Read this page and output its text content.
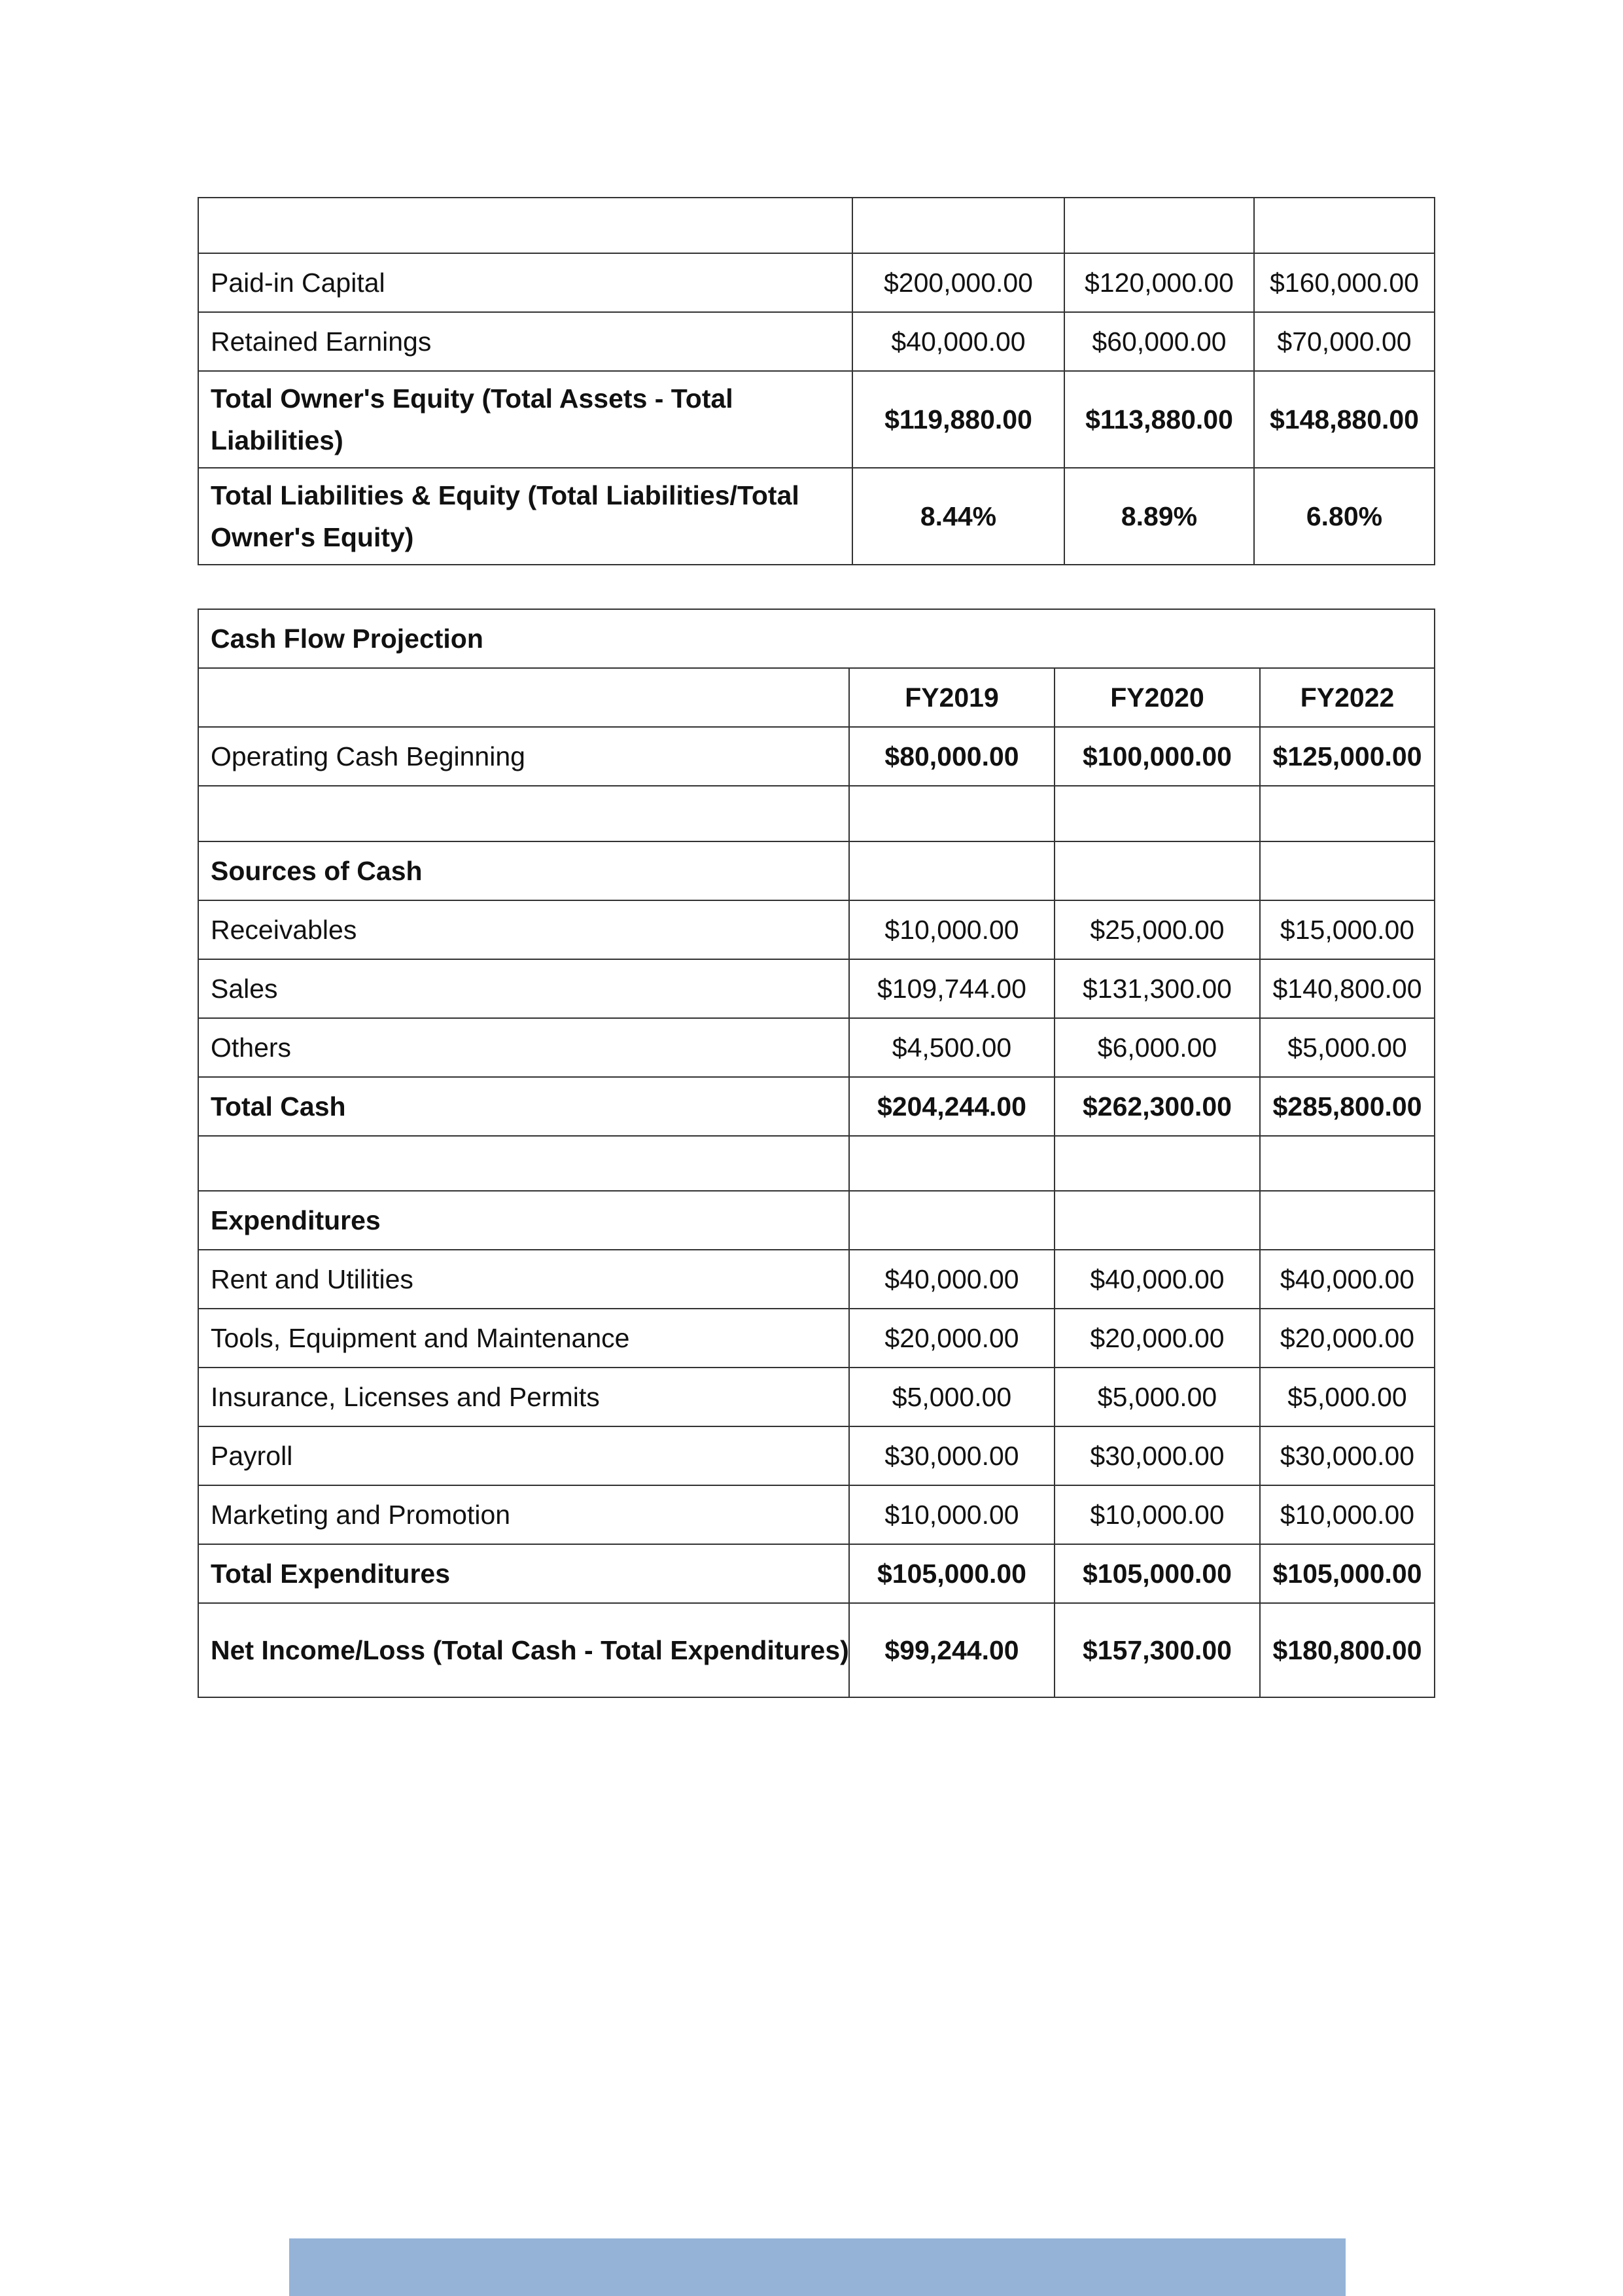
Paid-in Capital	$200,000.00	$120,000.00	$160,000.00
Retained Earnings	$40,000.00	$60,000.00	$70,000.00
Total Owner's Equity (Total Assets - Total Liabilities)	$119,880.00	$113,880.00	$148,880.00
Total Liabilities & Equity (Total Liabilities/Total Owner's Equity)	8.44%	8.89%	6.80%
Cash Flow Projection			
	FY2019	FY2020	FY2022
Operating Cash Beginning	$80,000.00	$100,000.00	$125,000.00

Sources of Cash			
Receivables	$10,000.00	$25,000.00	$15,000.00
Sales	$109,744.00	$131,300.00	$140,800.00
Others	$4,500.00	$6,000.00	$5,000.00
Total Cash	$204,244.00	$262,300.00	$285,800.00

Expenditures			
Rent and Utilities	$40,000.00	$40,000.00	$40,000.00
Tools, Equipment and Maintenance	$20,000.00	$20,000.00	$20,000.00
Insurance, Licenses and Permits	$5,000.00	$5,000.00	$5,000.00
Payroll	$30,000.00	$30,000.00	$30,000.00
Marketing and Promotion	$10,000.00	$10,000.00	$10,000.00
Total Expenditures	$105,000.00	$105,000.00	$105,000.00
Net Income/Loss (Total Cash - Total Expenditures)	$99,244.00	$157,300.00	$180,800.00
